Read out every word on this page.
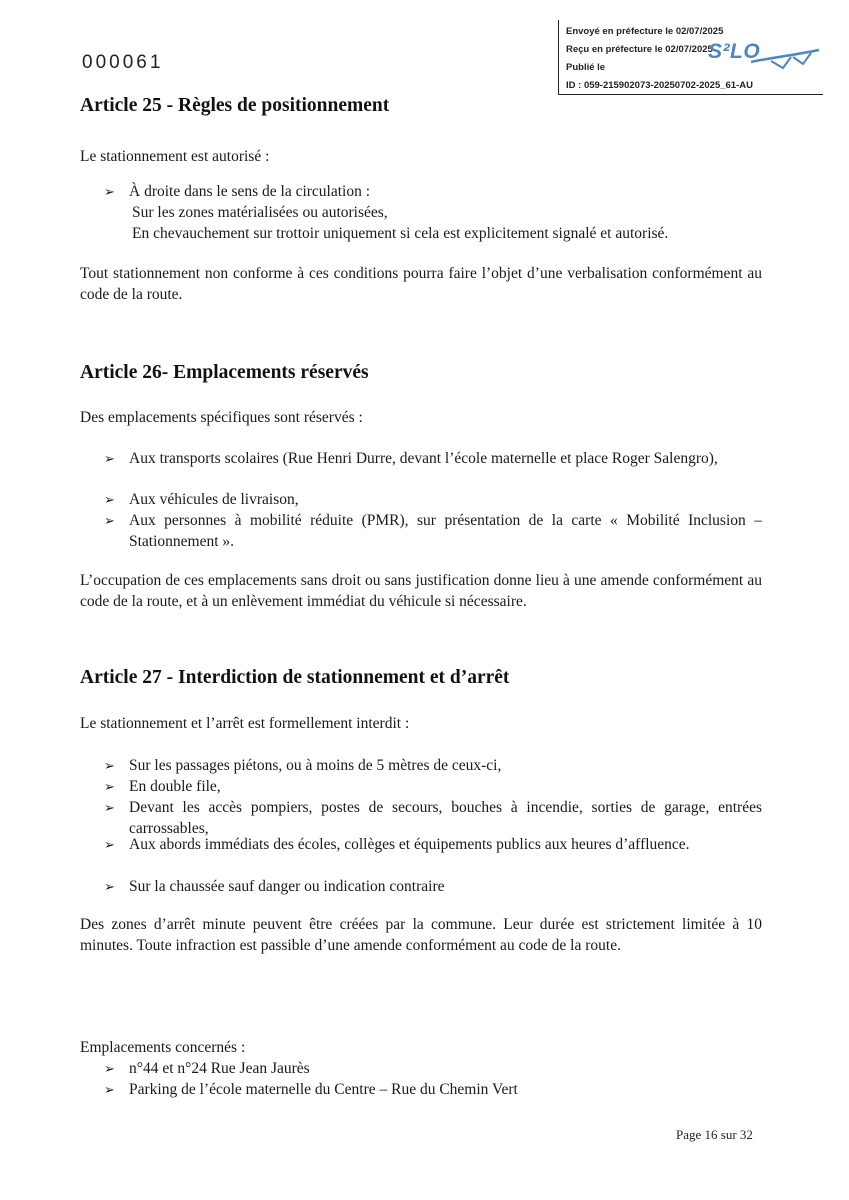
Envoyé en préfecture le 02/07/2025
Reçu en préfecture le 02/07/2025
Publié le
ID : 059-215902073-20250702-2025_61-AU
S²LO
000061
Article 25 - Règles de positionnement
Le stationnement est autorisé :
➢ À droite dans le sens de la circulation :
Sur les zones matérialisées ou autorisées,
En chevauchement sur trottoir uniquement si cela est explicitement signalé et autorisé.
Tout stationnement non conforme à ces conditions pourra faire l’objet d’une verbalisation conformément au code de la route.
Article 26- Emplacements réservés
Des emplacements spécifiques sont réservés :
➢ Aux transports scolaires (Rue Henri Durre, devant l’école maternelle et place Roger Salengro),
➢ Aux véhicules de livraison,
➢ Aux personnes à mobilité réduite (PMR), sur présentation de la carte « Mobilité Inclusion – Stationnement ».
L’occupation de ces emplacements sans droit ou sans justification donne lieu à une amende conformément au code de la route, et à un enlèvement immédiat du véhicule si nécessaire.
Article 27 - Interdiction de stationnement et d’arrêt
Le stationnement et l’arrêt est formellement interdit :
➢ Sur les passages piétons, ou à moins de 5 mètres de ceux-ci,
➢ En double file,
➢ Devant les accès pompiers, postes de secours, bouches à incendie, sorties de garage, entrées carrossables,
➢ Aux abords immédiats des écoles, collèges et équipements publics aux heures d’affluence.
➢ Sur la chaussée sauf danger ou indication contraire
Des zones d’arrêt minute peuvent être créées par la commune. Leur durée est strictement limitée à 10 minutes. Toute infraction est passible d’une amende conformément au code de la route.
Emplacements concernés :
➢ n°44 et n°24 Rue Jean Jaurès
➢ Parking de l’école maternelle du Centre – Rue du Chemin Vert
Page 16 sur 32
